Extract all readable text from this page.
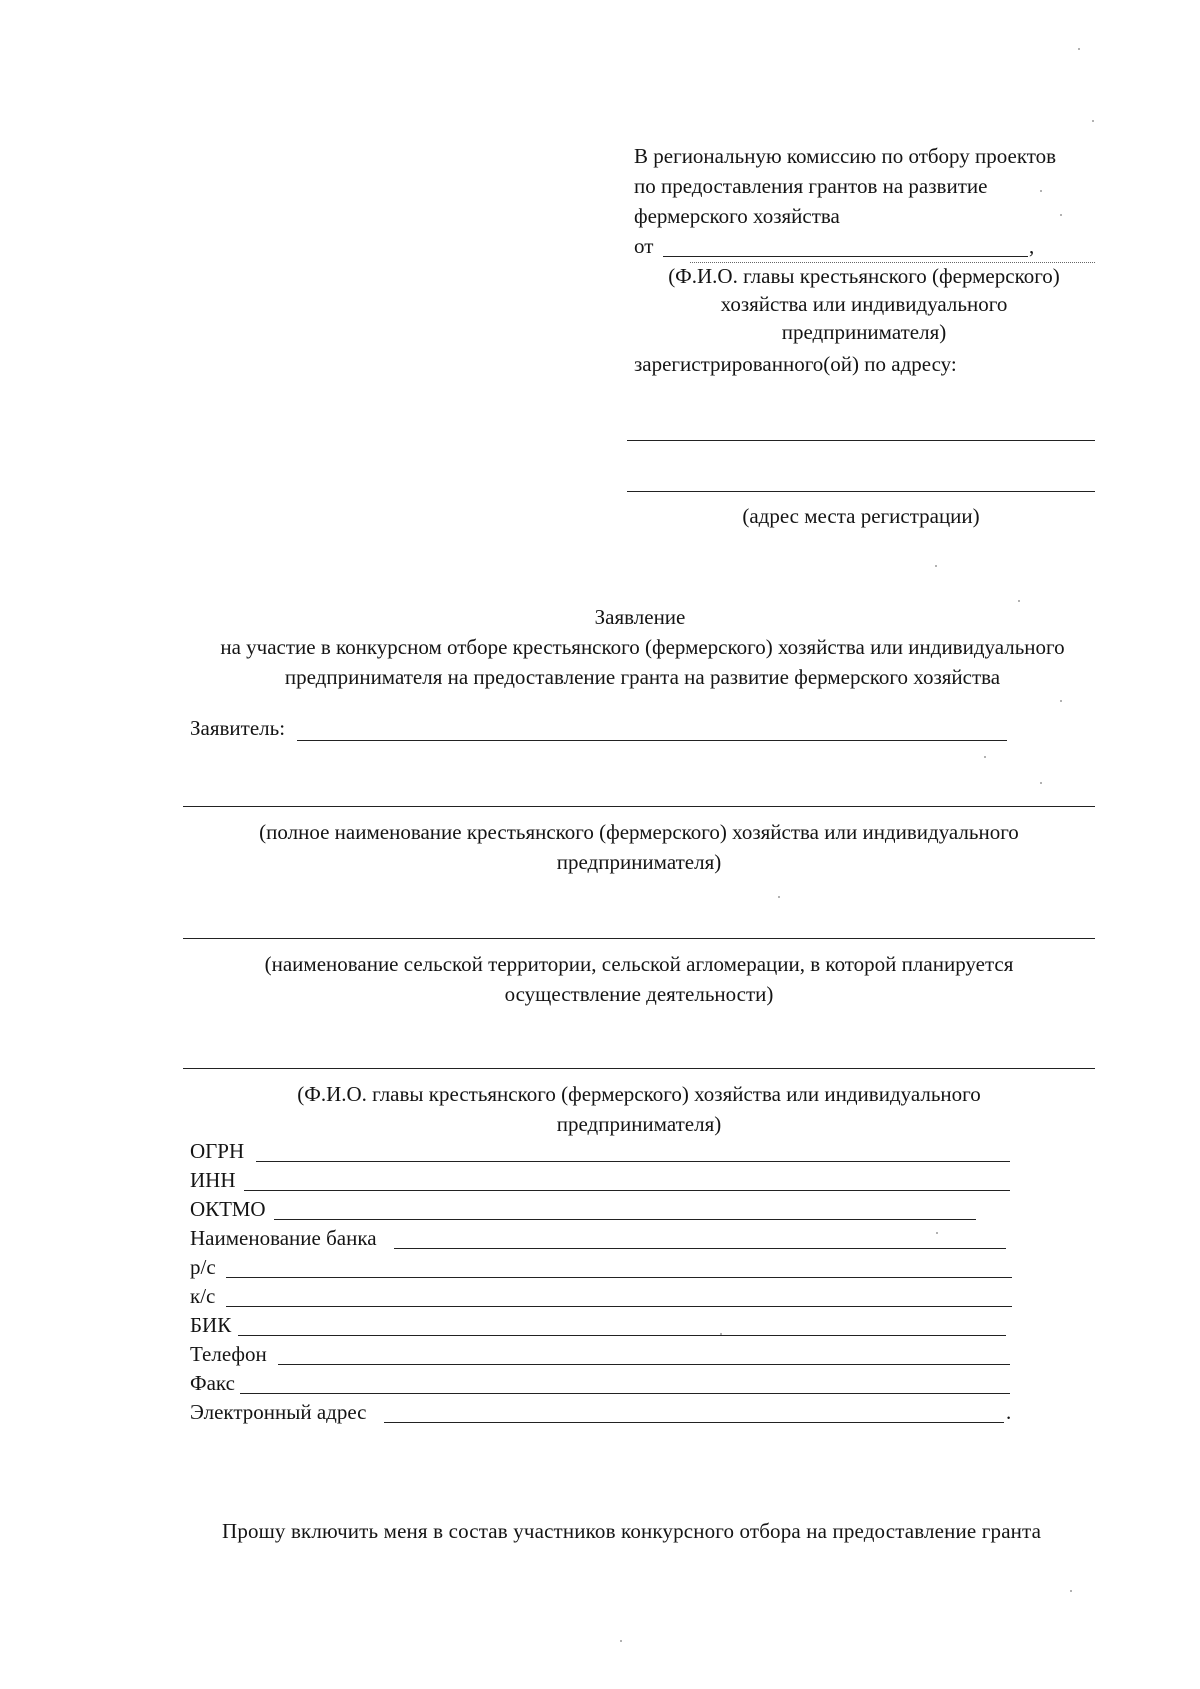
В региональную комиссию по отбору проектов
по предоставления грантов на развитие
фермерского хозяйства
от	,
(Ф.И.О. главы крестьянского (фермерского)
хозяйства или индивидуального
предпринимателя)
зарегистрированного(ой) по адресу:
(адрес места регистрации)
Заявление
на участие в конкурсном отборе крестьянского (фермерского) хозяйства или индивидуального
предпринимателя на предоставление гранта на развитие фермерского хозяйства
Заявитель:
(полное наименование крестьянского (фермерского) хозяйства или индивидуального
предпринимателя)
(наименование сельской территории, сельской агломерации, в которой планируется
осуществление деятельности)
(Ф.И.О. главы крестьянского (фермерского) хозяйства или индивидуального
предпринимателя)
ОГРН
ИНН
ОКТМО
Наименование банка
р/с
к/с
БИК
Телефон
Факс
Электронный адрес	.
Прошу включить меня в состав участников конкурсного отбора на предоставление гранта
